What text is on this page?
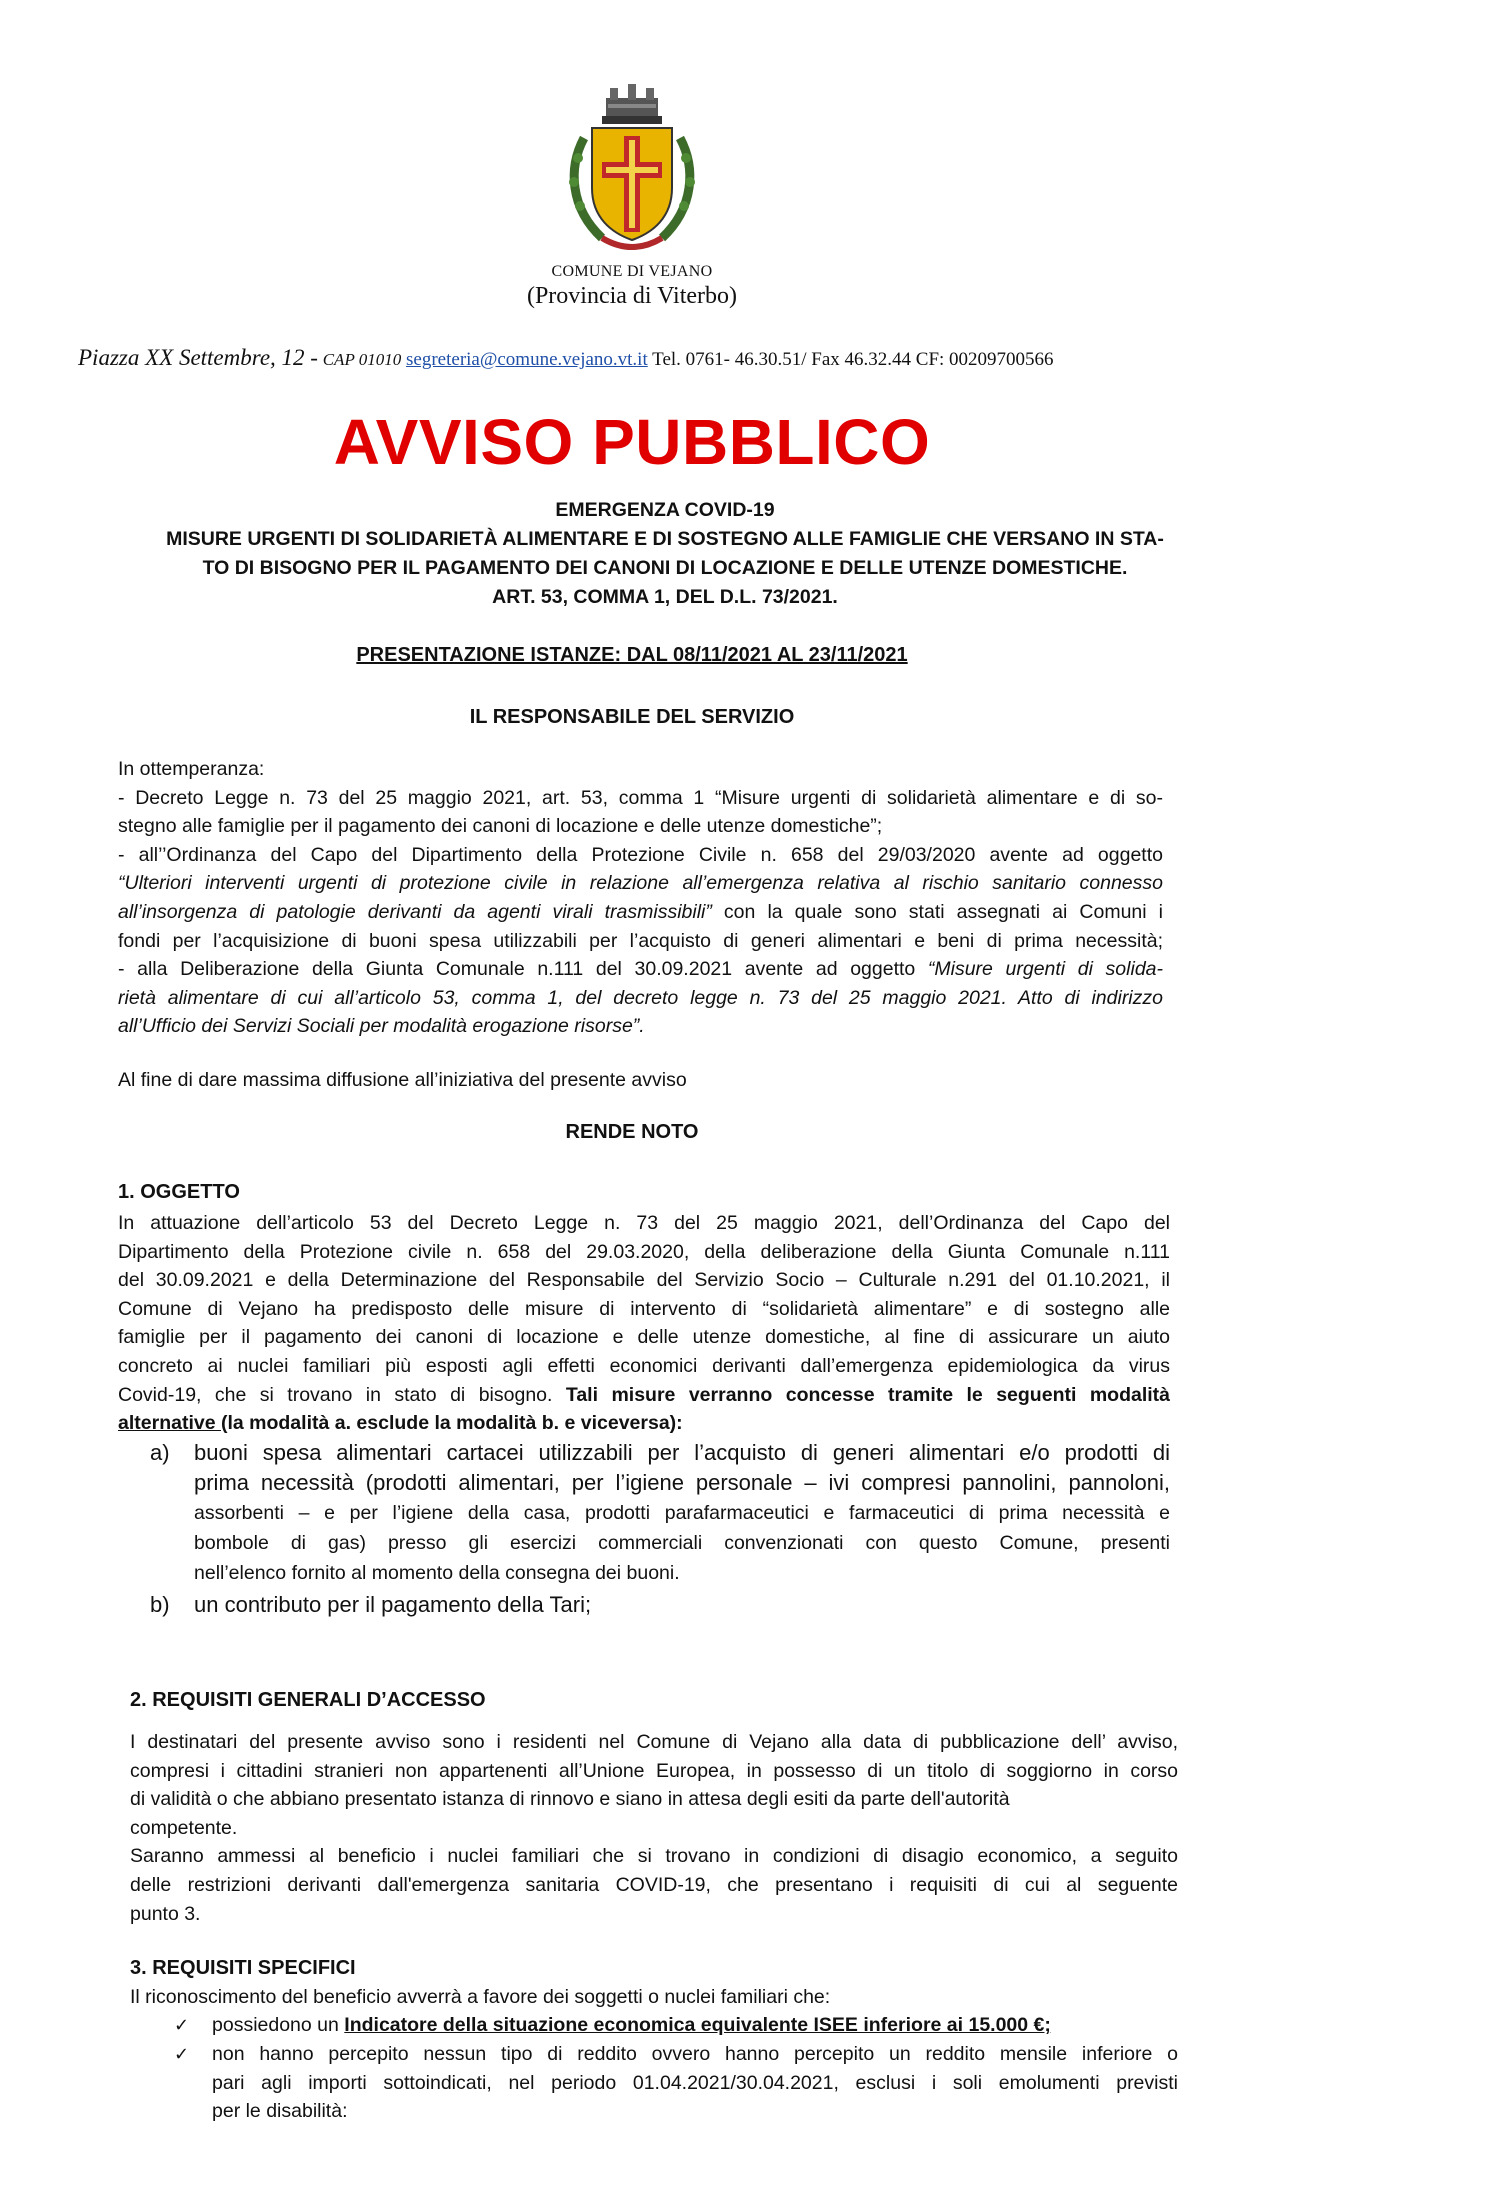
COMUNE DI VEJANO
(Provincia di Viterbo)
Piazza XX Settembre, 12 - CAP 01010 segreteria@comune.vejano.vt.it Tel. 0761- 46.30.51/ Fax 46.32.44 CF: 00209700566
AVVISO PUBBLICO
EMERGENZA COVID-19
MISURE URGENTI DI SOLIDARIETÀ ALIMENTARE E DI SOSTEGNO ALLE FAMIGLIE CHE VERSANO IN STA-
TO DI BISOGNO PER IL PAGAMENTO DEI CANONI DI LOCAZIONE E DELLE UTENZE DOMESTICHE.
ART. 53, COMMA 1, DEL D.L. 73/2021.
PRESENTAZIONE ISTANZE: DAL 08/11/2021 AL 23/11/2021
IL RESPONSABILE DEL SERVIZIO
In ottemperanza:
- Decreto Legge n. 73 del 25 maggio 2021, art. 53, comma 1 “Misure urgenti di solidarietà alimentare e di so-
stegno alle famiglie per il pagamento dei canoni di locazione e delle utenze domestiche”;
- all’’Ordinanza del Capo del Dipartimento della Protezione Civile n. 658 del 29/03/2020 avente ad oggetto
“Ulteriori interventi urgenti di protezione civile in relazione all’emergenza relativa al rischio sanitario connesso
all’insorgenza di patologie derivanti da agenti virali trasmissibili” con la quale sono stati assegnati ai Comuni i
fondi per l’acquisizione di buoni spesa utilizzabili per l’acquisto di generi alimentari e beni di prima necessità;
- alla Deliberazione della Giunta Comunale n.111 del 30.09.2021 avente ad oggetto “Misure urgenti di solida-
rietà alimentare di cui all’articolo 53, comma 1, del decreto legge n. 73 del 25 maggio 2021. Atto di indirizzo
all’Ufficio dei Servizi Sociali per modalità erogazione risorse”.
Al fine di dare massima diffusione all’iniziativa del presente avviso
RENDE NOTO
1. OGGETTO
In attuazione dell’articolo 53 del Decreto Legge n. 73 del 25 maggio 2021, dell’Ordinanza del Capo del
Dipartimento della Protezione civile n. 658 del 29.03.2020, della deliberazione della Giunta Comunale n.111
del 30.09.2021 e della Determinazione del Responsabile del Servizio Socio – Culturale n.291 del 01.10.2021, il
Comune di Vejano ha predisposto delle misure di intervento di “solidarietà alimentare” e di sostegno alle
famiglie per il pagamento dei canoni di locazione e delle utenze domestiche, al fine di assicurare un aiuto
concreto ai nuclei familiari più esposti agli effetti economici derivanti dall’emergenza epidemiologica da virus
Covid-19, che si trovano in stato di bisogno. Tali misure verranno concesse tramite le seguenti modalità
alternative (la modalità a. esclude la modalità b. e viceversa):
a) buoni spesa alimentari cartacei utilizzabili per l’acquisto di generi alimentari e/o prodotti di
prima necessità (prodotti alimentari, per l’igiene personale – ivi compresi pannolini, pannoloni,
assorbenti – e per l’igiene della casa, prodotti parafarmaceutici e farmaceutici di prima necessità e
bombole di gas) presso gli esercizi commerciali convenzionati con questo Comune, presenti
nell’elenco fornito al momento della consegna dei buoni.
b) un contributo per il pagamento della Tari;
2. REQUISITI GENERALI D’ACCESSO
I destinatari del presente avviso sono i residenti nel Comune di Vejano alla data di pubblicazione dell’ avviso,
compresi i cittadini stranieri non appartenenti all’Unione Europea, in possesso di un titolo di soggiorno in corso
di validità o che abbiano presentato istanza di rinnovo e siano in attesa degli esiti da parte dell'autorità
competente.
Saranno ammessi al beneficio i nuclei familiari che si trovano in condizioni di disagio economico, a seguito
delle restrizioni derivanti dall'emergenza sanitaria COVID-19, che presentano i requisiti di cui al seguente
punto 3.
3. REQUISITI SPECIFICI
Il riconoscimento del beneficio avverrà a favore dei soggetti o nuclei familiari che:
✓ possiedono un Indicatore della situazione economica equivalente ISEE inferiore ai 15.000 €;
✓ non hanno percepito nessun tipo di reddito ovvero hanno percepito un reddito mensile inferiore o
pari agli importi sottoindicati, nel periodo 01.04.2021/30.04.2021, esclusi i soli emolumenti previsti
per le disabilità:
